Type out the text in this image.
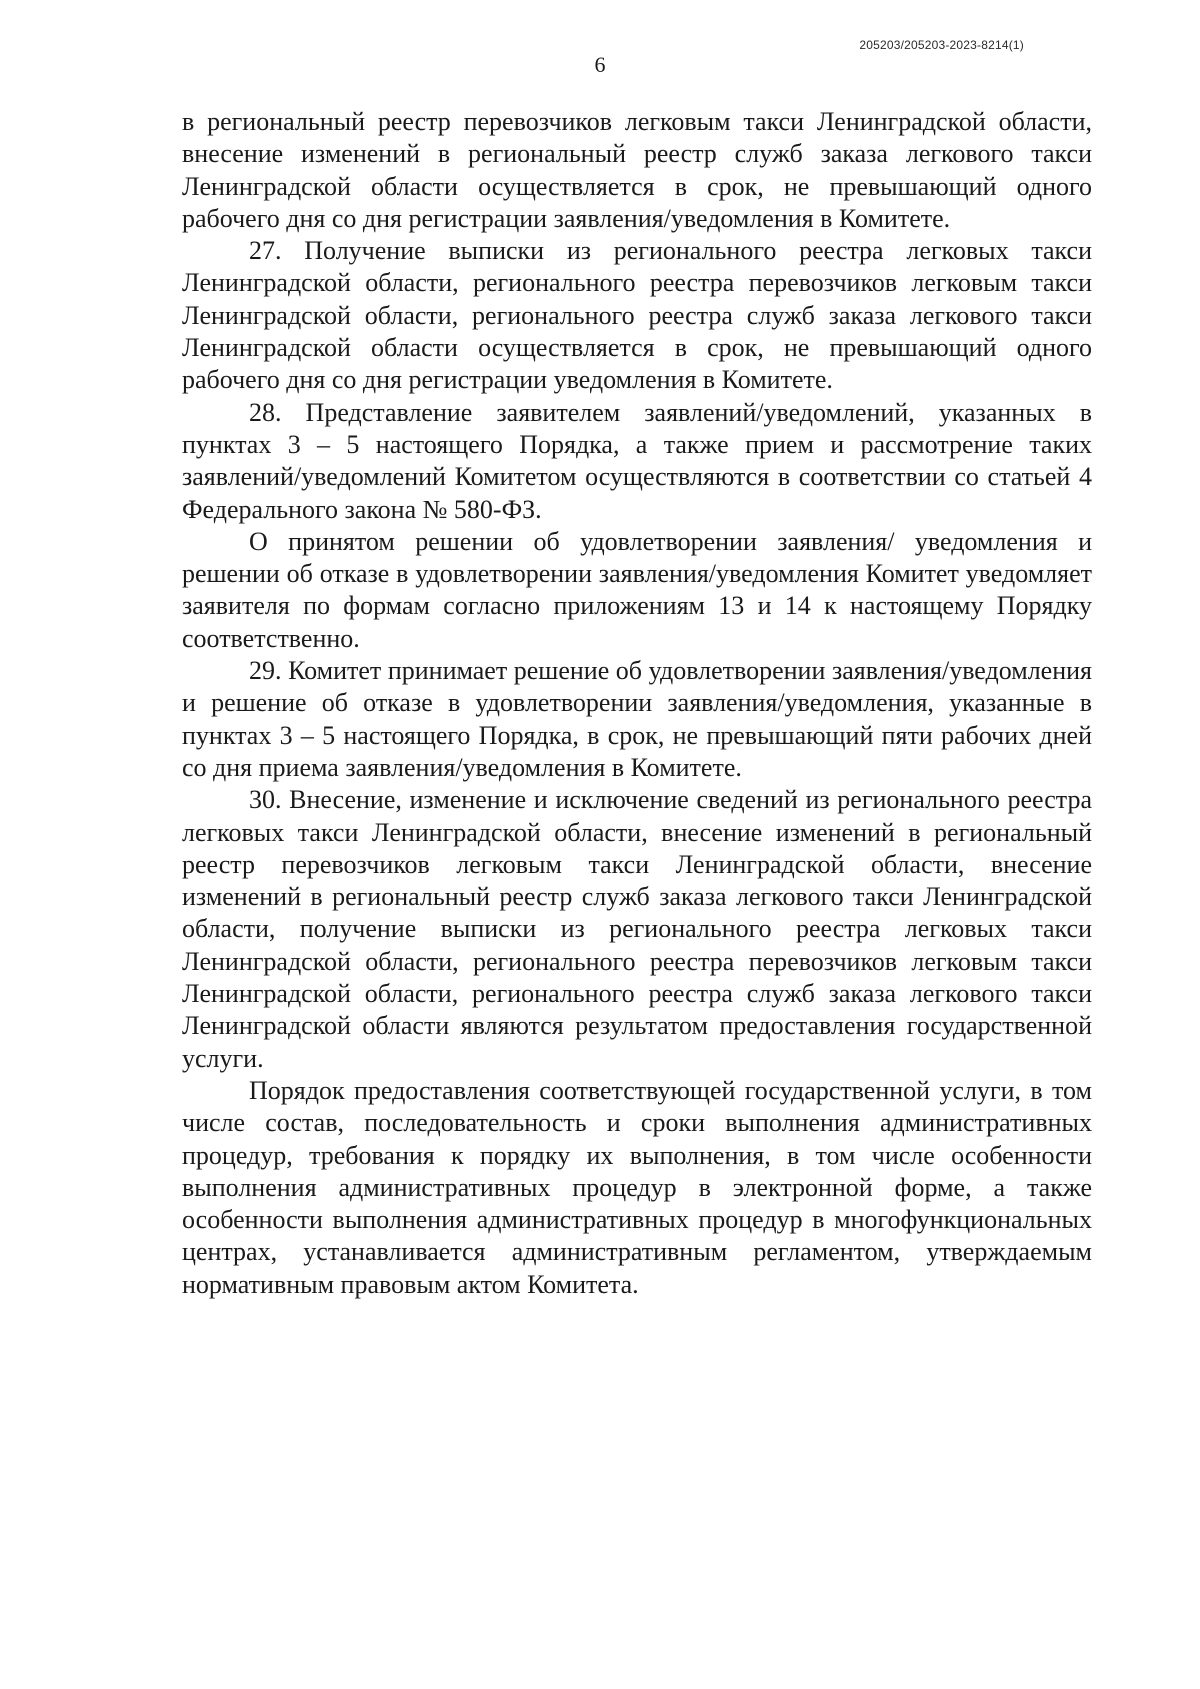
205203/205203-2023-8214(1)
6

в региональный реестр перевозчиков легковым такси Ленинградской области, внесение изменений в региональный реестр служб заказа легкового такси Ленинградской области осуществляется в срок, не превышающий одного рабочего дня со дня регистрации заявления/уведомления в Комитете.

27. Получение выписки из регионального реестра легковых такси Ленинградской области, регионального реестра перевозчиков легковым такси Ленинградской области, регионального реестра служб заказа легкового такси Ленинградской области осуществляется в срок, не превышающий одного рабочего дня со дня регистрации уведомления в Комитете.

28. Представление заявителем заявлений/уведомлений, указанных в пунктах 3 – 5 настоящего Порядка, а также прием и рассмотрение таких заявлений/уведомлений Комитетом осуществляются в соответствии со статьей 4 Федерального закона № 580-ФЗ.

О принятом решении об удовлетворении заявления/ уведомления и решении об отказе в удовлетворении заявления/уведомления Комитет уведомляет заявителя по формам согласно приложениям 13 и 14 к настоящему Порядку соответственно.

29. Комитет принимает решение об удовлетворении заявления/уведомления и решение об отказе в удовлетворении заявления/уведомления, указанные в пунктах 3 – 5 настоящего Порядка, в срок, не превышающий пяти рабочих дней со дня приема заявления/уведомления в Комитете.

30. Внесение, изменение и исключение сведений из регионального реестра легковых такси Ленинградской области, внесение изменений в региональный реестр перевозчиков легковым такси Ленинградской области, внесение изменений в региональный реестр служб заказа легкового такси Ленинградской области, получение выписки из регионального реестра легковых такси Ленинградской области, регионального реестра перевозчиков легковым такси Ленинградской области, регионального реестра служб заказа легкового такси Ленинградской области являются результатом предоставления государственной услуги.

Порядок предоставления соответствующей государственной услуги, в том числе состав, последовательность и сроки выполнения административных процедур, требования к порядку их выполнения, в том числе особенности выполнения административных процедур в электронной форме, а также особенности выполнения административных процедур в многофункциональных центрах, устанавливается административным регламентом, утверждаемым нормативным правовым актом Комитета.
